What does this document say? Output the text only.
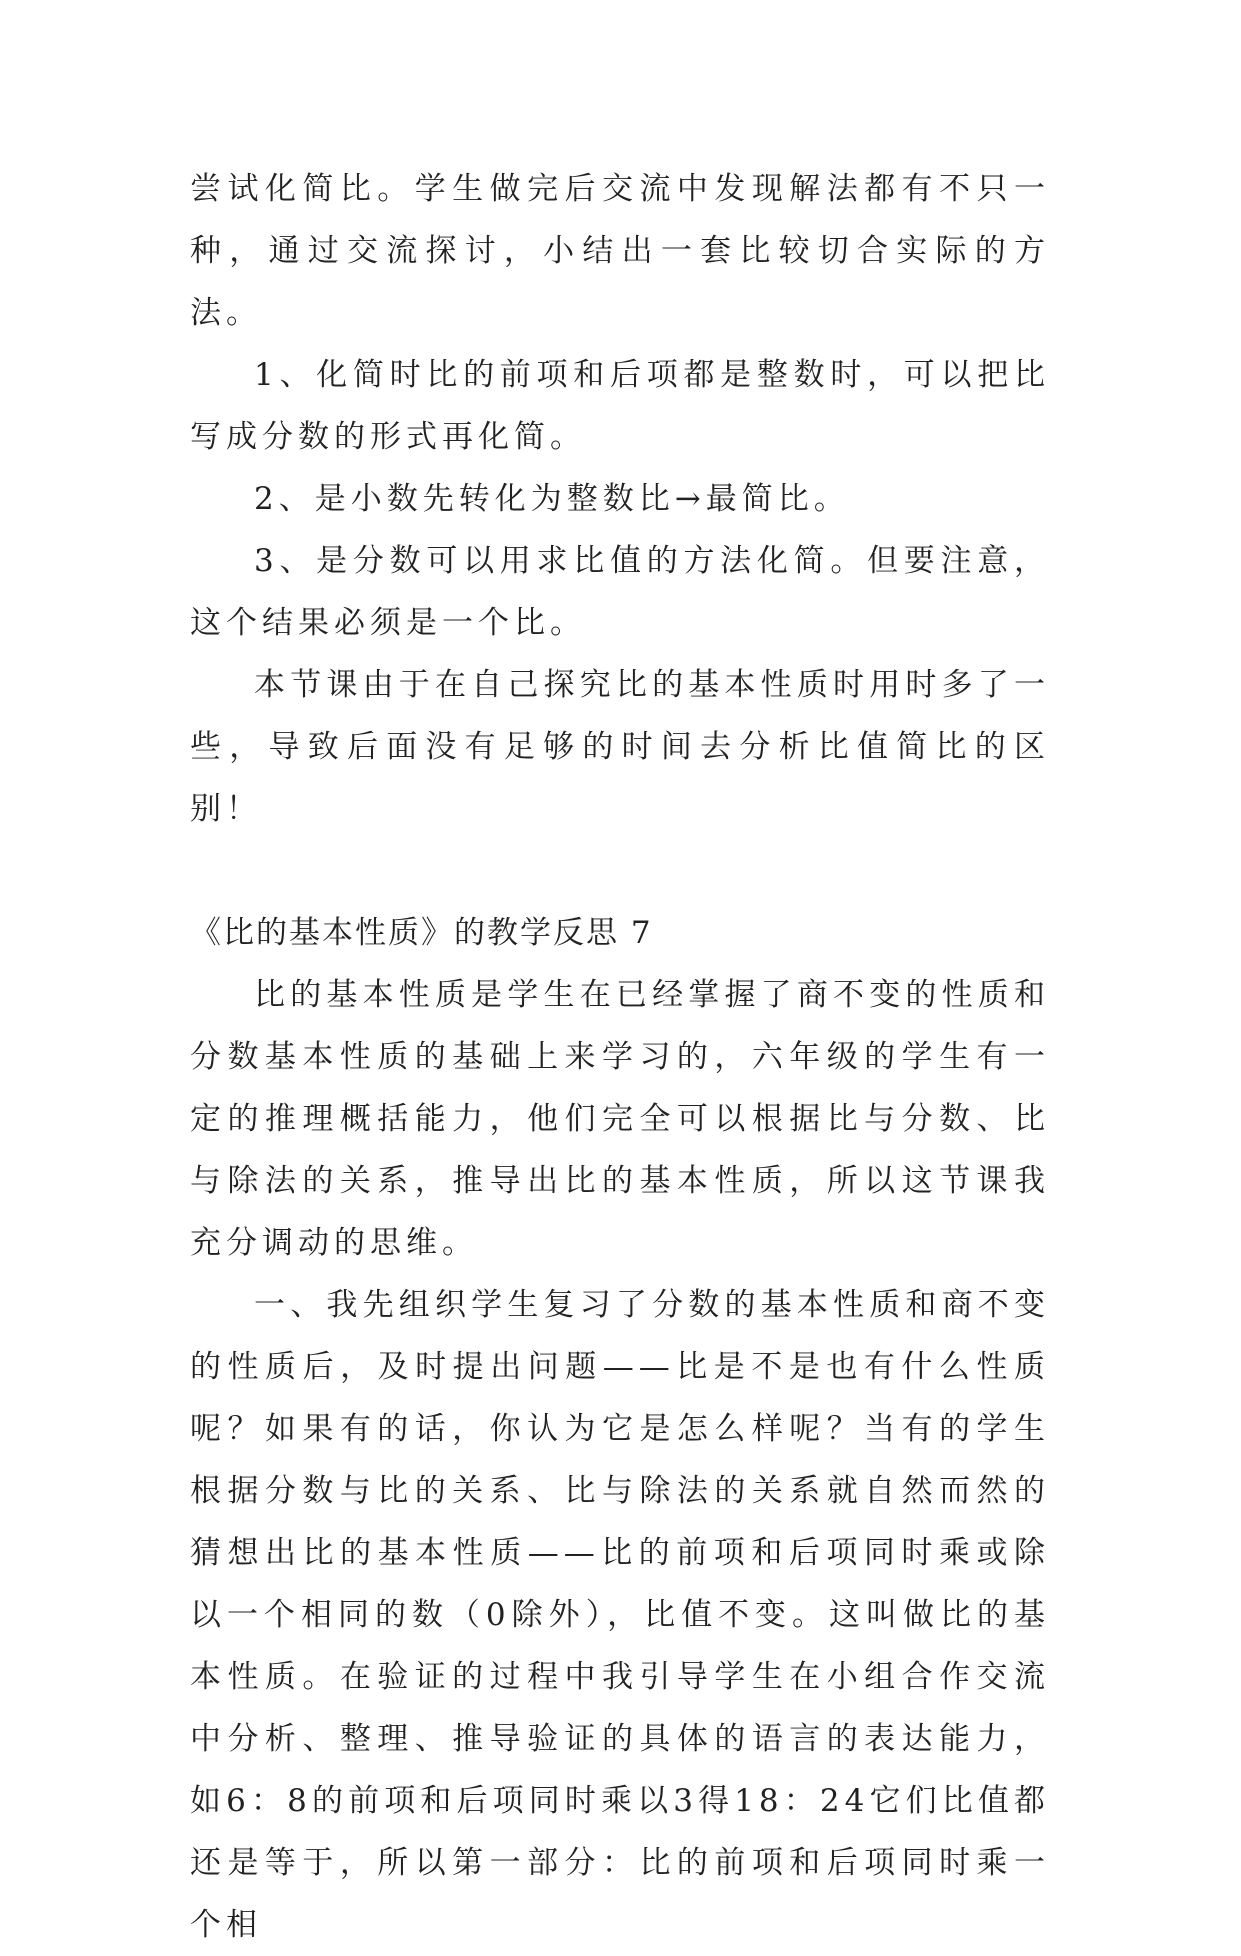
尝试化简比。学生做完后交流中发现解法都有不只一种，通过交流探讨，小结出一套比较切合实际的方法。

1、化简时比的前项和后项都是整数时，可以把比写成分数的形式再化简。

2、是小数先转化为整数比→最简比。

3、是分数可以用求比值的方法化简。但要注意，这个结果必须是一个比。

本节课由于在自己探究比的基本性质时用时多了一些，导致后面没有足够的时间去分析比值简比的区别！

《比的基本性质》的教学反思 7

比的基本性质是学生在已经掌握了商不变的性质和分数基本性质的基础上来学习的，六年级的学生有一定的推理概括能力，他们完全可以根据比与分数、比与除法的关系，推导出比的基本性质，所以这节课我充分调动的思维。

一、我先组织学生复习了分数的基本性质和商不变的性质后，及时提出问题——比是不是也有什么性质呢？如果有的话，你认为它是怎么样呢？当有的学生根据分数与比的关系、比与除法的关系就自然而然的猜想出比的基本性质——比的前项和后项同时乘或除以一个相同的数（0除外），比值不变。这叫做比的基本性质。在验证的过程中我引导学生在小组合作交流中分析、整理、推导验证的具体的语言的表达能力，如6：8的前项和后项同时乘以3得18：24它们比值都还是等于，所以第一部分：比的前项和后项同时乘一个相
